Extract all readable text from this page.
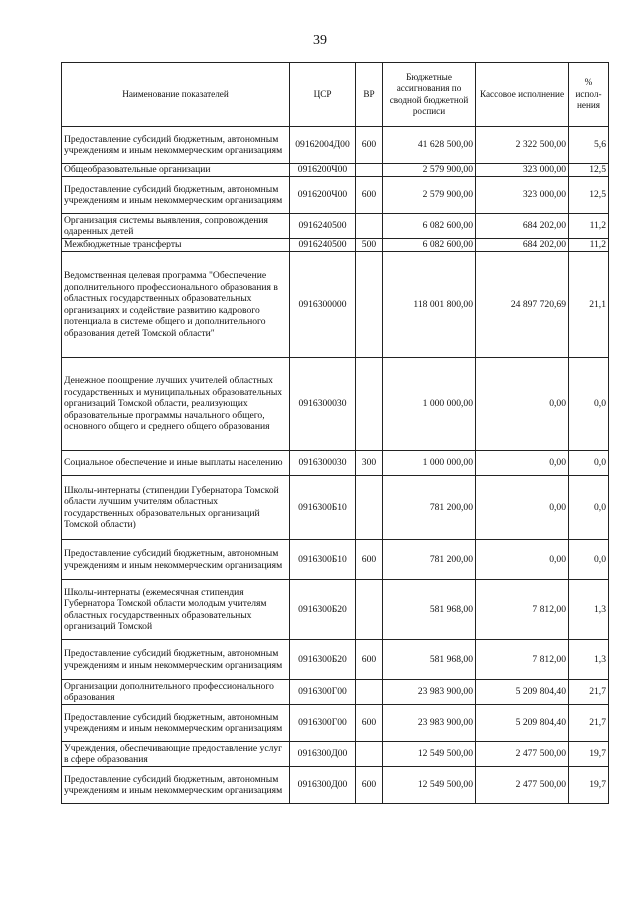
39
Наименование показателей	ЦСР	ВР	Бюджетные ассигнования по сводной бюджетной росписи	Кассовое исполнение	% испол- нения
Предоставление субсидий бюджетным, автономным учреждениям и иным некоммерческим организациям	09162004Д00	600	41 628 500,00	2 322 500,00	5,6
Общеобразовательные организации	0916200Ч00		2 579 900,00	323 000,00	12,5
Предоставление субсидий бюджетным, автономным учреждениям и иным некоммерческим организациям	0916200Ч00	600	2 579 900,00	323 000,00	12,5
Организация системы выявления, сопровождения одаренных детей	0916240500		6 082 600,00	684 202,00	11,2
Межбюджетные трансферты	0916240500	500	6 082 600,00	684 202,00	11,2
Ведомственная целевая программа "Обеспечение дополнительного профессионального образования в областных государственных образовательных организациях и содействие развитию кадрового потенциала в системе общего и дополнительного образования детей Томской области"	0916300000		118 001 800,00	24 897 720,69	21,1
Денежное поощрение лучших учителей областных государственных и муниципальных образовательных организаций Томской области, реализующих образовательные программы начального общего, основного общего и среднего общего образования	0916300030		1 000 000,00	0,00	0,0
Социальное обеспечение и иные выплаты населению	0916300030	300	1 000 000,00	0,00	0,0
Школы-интернаты (стипендии Губернатора Томской области лучшим учителям областных государственных образовательных организаций Томской области)	0916300Б10		781 200,00	0,00	0,0
Предоставление субсидий бюджетным, автономным учреждениям и иным некоммерческим организациям	0916300Б10	600	781 200,00	0,00	0,0
Школы-интернаты (ежемесячная стипендия Губернатора Томской области молодым учителям областных государственных образовательных организаций Томской	0916300Б20		581 968,00	7 812,00	1,3
Предоставление субсидий бюджетным, автономным учреждениям и иным некоммерческим организациям	0916300Б20	600	581 968,00	7 812,00	1,3
Организации дополнительного профессионального образования	0916300Г00		23 983 900,00	5 209 804,40	21,7
Предоставление субсидий бюджетным, автономным учреждениям и иным некоммерческим организациям	0916300Г00	600	23 983 900,00	5 209 804,40	21,7
Учреждения, обеспечивающие предоставление услуг в сфере образования	0916300Д00		12 549 500,00	2 477 500,00	19,7
Предоставление субсидий бюджетным, автономным учреждениям и иным некоммерческим организациям	0916300Д00	600	12 549 500,00	2 477 500,00	19,7
